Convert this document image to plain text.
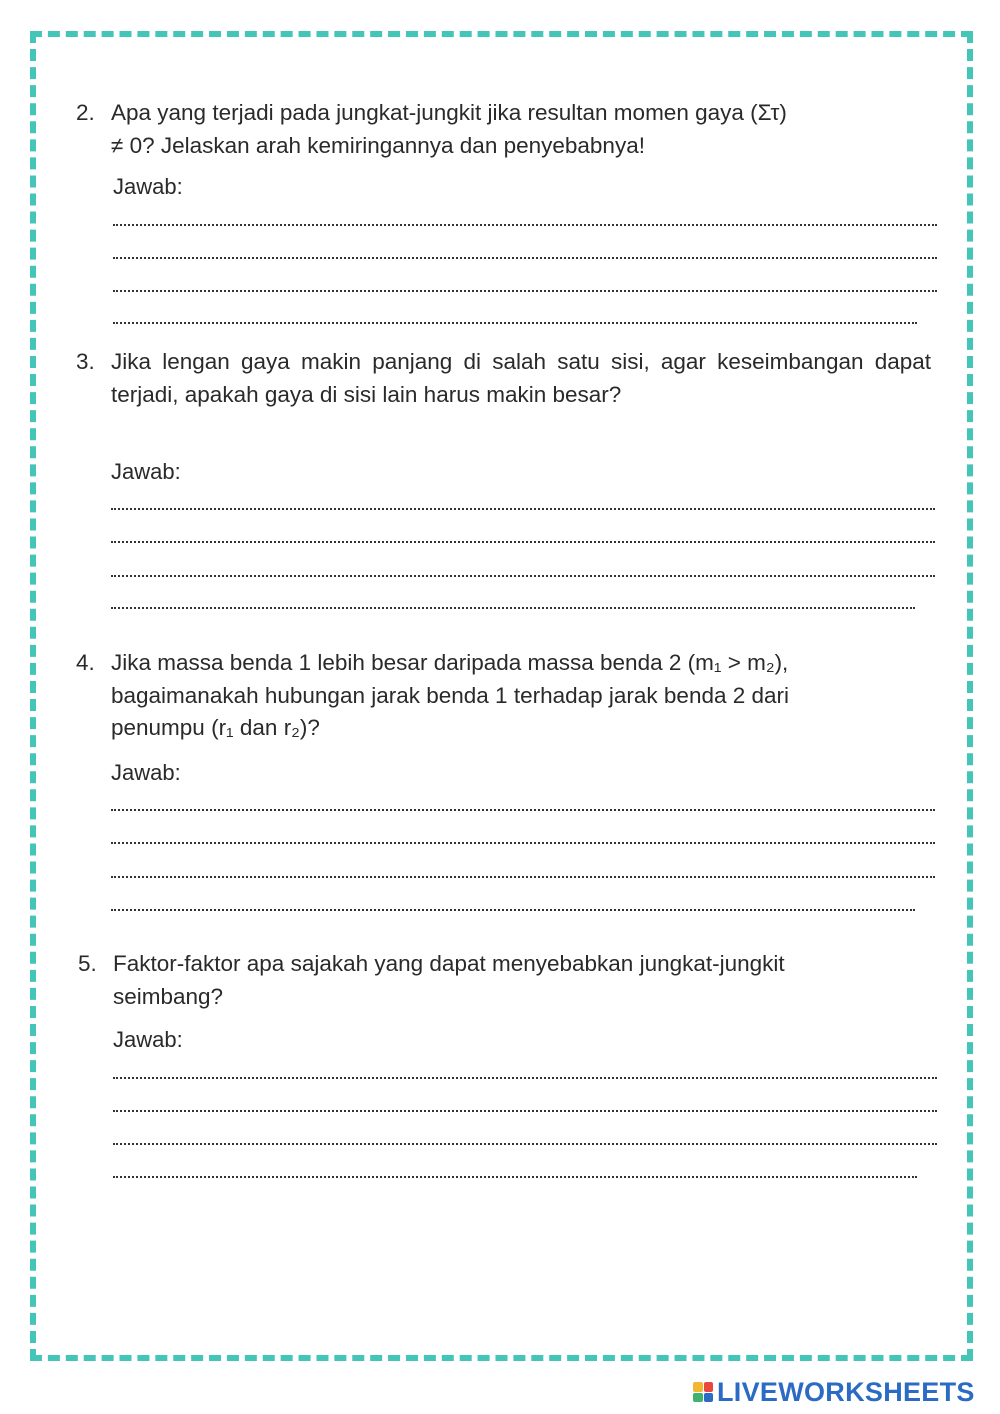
2. Apa yang terjadi pada jungkat-jungkit jika resultan momen gaya (Στ)
≠ 0? Jelaskan arah kemiringannya dan penyebabnya!
Jawab:
3. Jika lengan gaya makin panjang di salah satu sisi, agar keseimbangan dapat terjadi, apakah gaya di sisi lain harus makin besar?
Jawab:
4. Jika massa benda 1 lebih besar daripada massa benda 2 (m₁ > m₂),
bagaimanakah hubungan jarak benda 1 terhadap jarak benda 2 dari
penumpu (r₁ dan r₂)?
Jawab:
5. Faktor-faktor apa sajakah yang dapat menyebabkan jungkat-jungkit
seimbang?
Jawab:
LIVEWORKSHEETS
